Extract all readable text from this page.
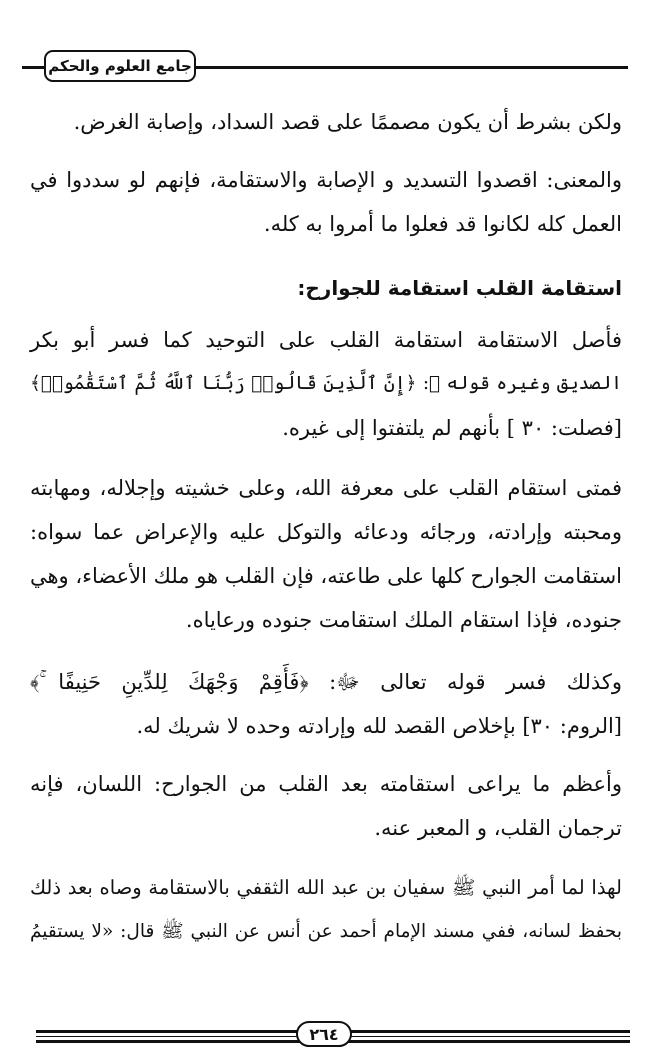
جامع العلوم والحكم
ولكن بشرط أن يكون مصممًا على قصد السداد، وإصابة الغرض.
والمعنى: اقصدوا التسديد و الإصابة والاستقامة، فإنهم لو سددوا في
العمل كله لكانوا قد فعلوا ما أمروا به كله.
استقامة القلب استقامة للجوارح:
فأصل الاستقامة استقامة القلب على التوحيد كما فسر أبو بكر
الصديق وغيره قوله ﷻ: ﴿إِنَّ ٱلَّذِينَ قَالُوا۟ رَبُّنَا ٱللَّهُ ثُمَّ ٱسْتَقَٰمُوا۟﴾
[فصلت: ٣٠ ] بأنهم لم يلتفتوا إلى غيره.
فمتى استقام القلب على معرفة الله، وعلى خشيته وإجلاله، ومهابته
ومحبته وإرادته، ورجائه ودعائه والتوكل عليه والإعراض عما سواه:
استقامت الجوارح كلها على طاعته، فإن القلب هو ملك الأعضاء، وهي
جنوده، فإذا استقام الملك استقامت جنوده ورعاياه.
وكذلك فسر قوله تعالى ﷻ: ﴿فَأَقِمْ وَجْهَكَ لِلدِّينِ حَنِيفًا ۚ﴾
[الروم: ٣٠] بإخلاص القصد لله وإرادته وحده لا شريك له.
وأعظم ما يراعى استقامته بعد القلب من الجوارح: اللسان، فإنه
ترجمان القلب، و المعبر عنه.
لهذا لما أمر النبي ﷺ سفيان بن عبد الله الثقفي بالاستقامة وصاه بعد ذلك
بحفظ لسانه، ففي مسند الإمام أحمد عن أنس عن النبي ﷺ قال: «لا يستقيمُ
٢٦٤
